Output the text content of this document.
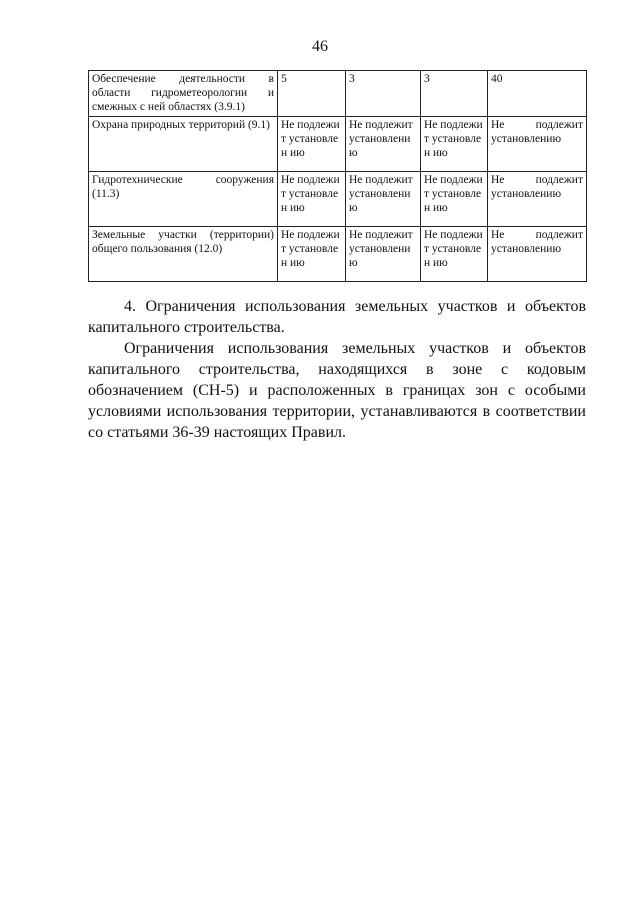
46
Обеспечение деятельности в области гидрометеорологии и смежных с ней областях (3.9.1)	5	3	3	40
Охрана природных территорий (9.1)	Не подлежит установлен ию	Не подлежит установлени ю	Не подлежит установлен ию	Не подлежит установлению
Гидротехнические сооружения (11.3)	Не подлежит установлен ию	Не подлежит установлени ю	Не подлежит установлен ию	Не подлежит установлению
Земельные участки (территории) общего пользования (12.0)	Не подлежит установлен ию	Не подлежит установлени ю	Не подлежит установлен ию	Не подлежит установлению
4. Ограничения использования земельных участков и объектов капитального строительства.
Ограничения использования земельных участков и объектов капитального строительства, находящихся в зоне с кодовым обозначением (СН-5) и расположенных в границах зон с особыми условиями использования территории, устанавливаются в соответствии со статьями 36-39 настоящих Правил.
